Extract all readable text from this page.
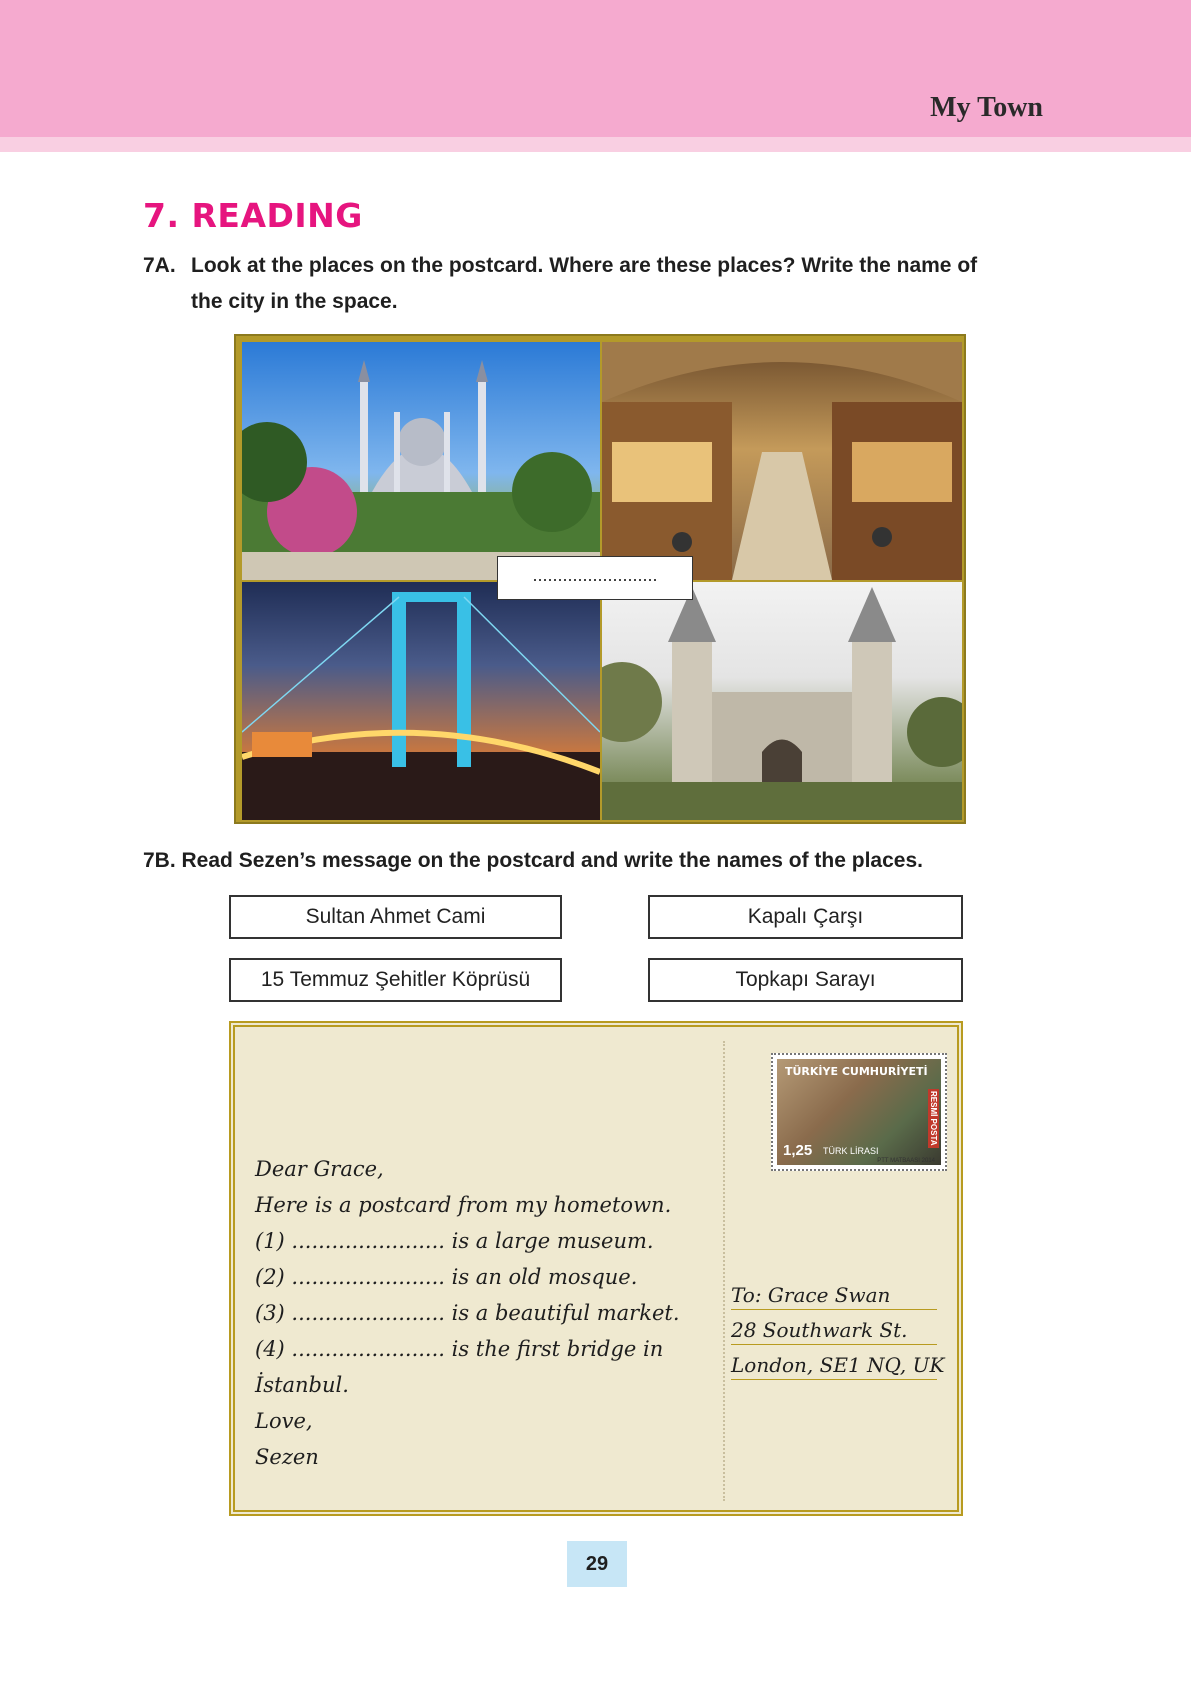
My Town
7. READING
7A. Look at the places on the postcard. Where are these places? Write the name of
the city in the space.
.........................
7B. Read Sezen’s message on the postcard and write the names of the places.
Sultan Ahmet Cami	Kapalı Çarşı
15 Temmuz Şehitler Köprüsü	Topkapı Sarayı
TÜRKİYE CUMHURİYETİ
RESMİ POSTA
1,25 TÜRK LİRASI
PTT MATBAASI 2014
Dear Grace,
Here is a postcard from my hometown.
(1) ....................... is a large museum.
(2) ....................... is an old mosque.
(3) ....................... is a beautiful market.
(4) ....................... is the first bridge in
İstanbul.
Love,
Sezen
To: Grace Swan
28 Southwark St.
London, SE1 NQ, UK
29
